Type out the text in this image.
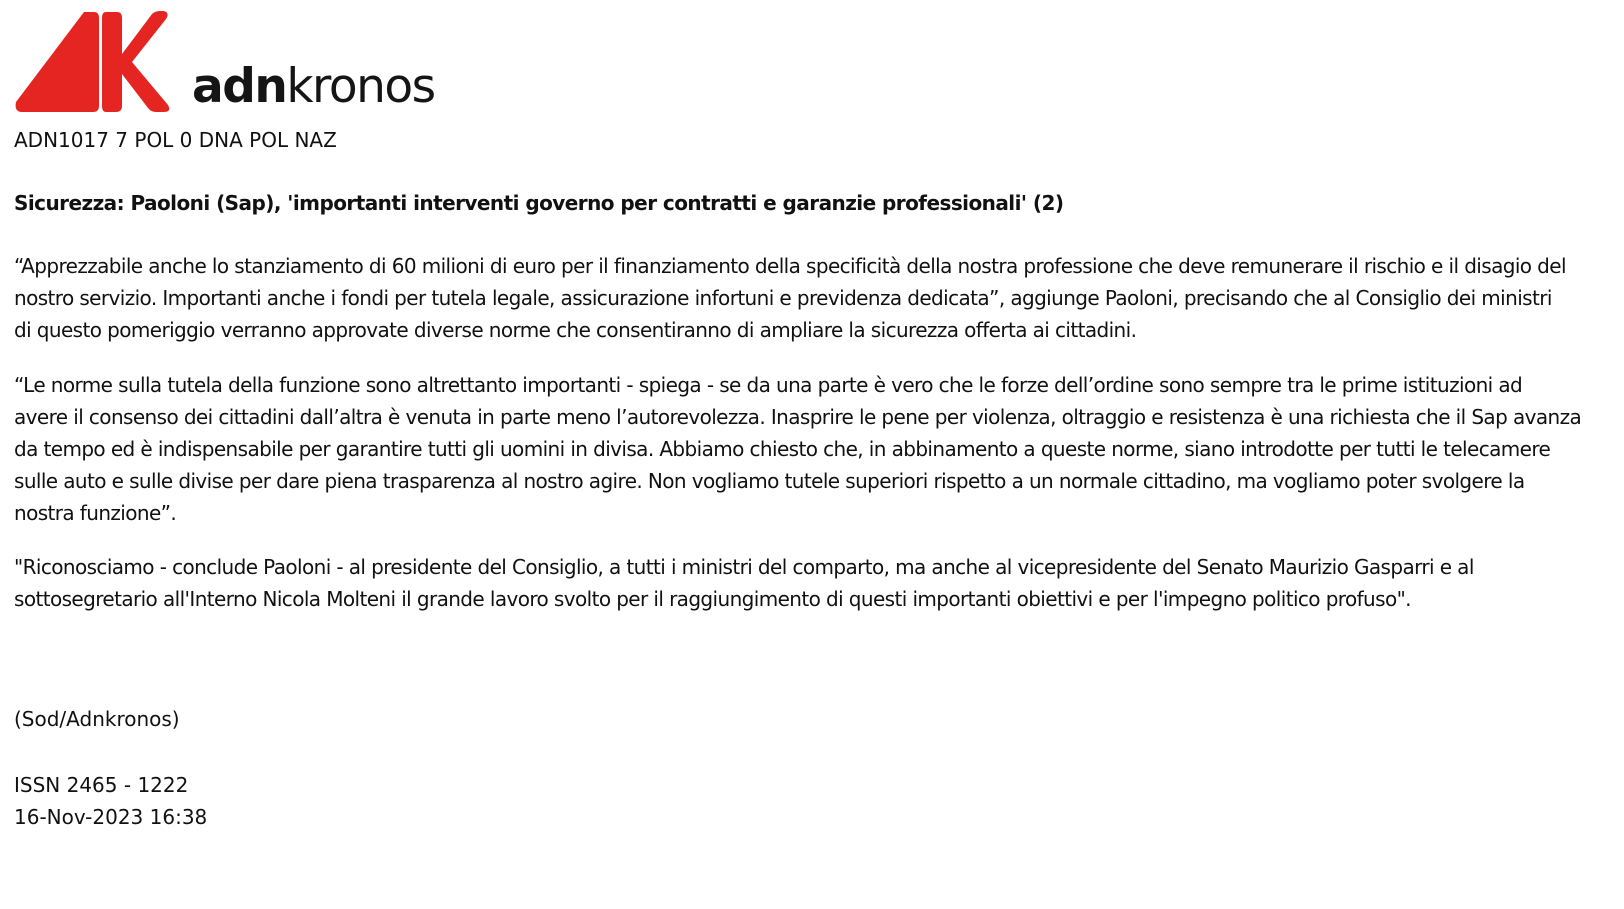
adnkronos
ADN1017 7 POL 0 DNA POL NAZ
Sicurezza: Paoloni (Sap), 'importanti interventi governo per contratti e garanzie professionali' (2)
“Apprezzabile anche lo stanziamento di 60 milioni di euro per il finanziamento della specificità della nostra professione che deve remunerare il rischio e il disagio del
nostro servizio. Importanti anche i fondi per tutela legale, assicurazione infortuni e previdenza dedicata”, aggiunge Paoloni, precisando che al Consiglio dei ministri
di questo pomeriggio verranno approvate diverse norme che consentiranno di ampliare la sicurezza offerta ai cittadini.
“Le norme sulla tutela della funzione sono altrettanto importanti - spiega - se da una parte è vero che le forze dell’ordine sono sempre tra le prime istituzioni ad
avere il consenso dei cittadini dall’altra è venuta in parte meno l’autorevolezza. Inasprire le pene per violenza, oltraggio e resistenza è una richiesta che il Sap avanza
da tempo ed è indispensabile per garantire tutti gli uomini in divisa. Abbiamo chiesto che, in abbinamento a queste norme, siano introdotte per tutti le telecamere
sulle auto e sulle divise per dare piena trasparenza al nostro agire. Non vogliamo tutele superiori rispetto a un normale cittadino, ma vogliamo poter svolgere la
nostra funzione”.
"Riconosciamo - conclude Paoloni - al presidente del Consiglio, a tutti i ministri del comparto, ma anche al vicepresidente del Senato Maurizio Gasparri e al
sottosegretario all'Interno Nicola Molteni il grande lavoro svolto per il raggiungimento di questi importanti obiettivi e per l'impegno politico profuso".
(Sod/Adnkronos)
ISSN 2465 - 1222
16-Nov-2023 16:38
